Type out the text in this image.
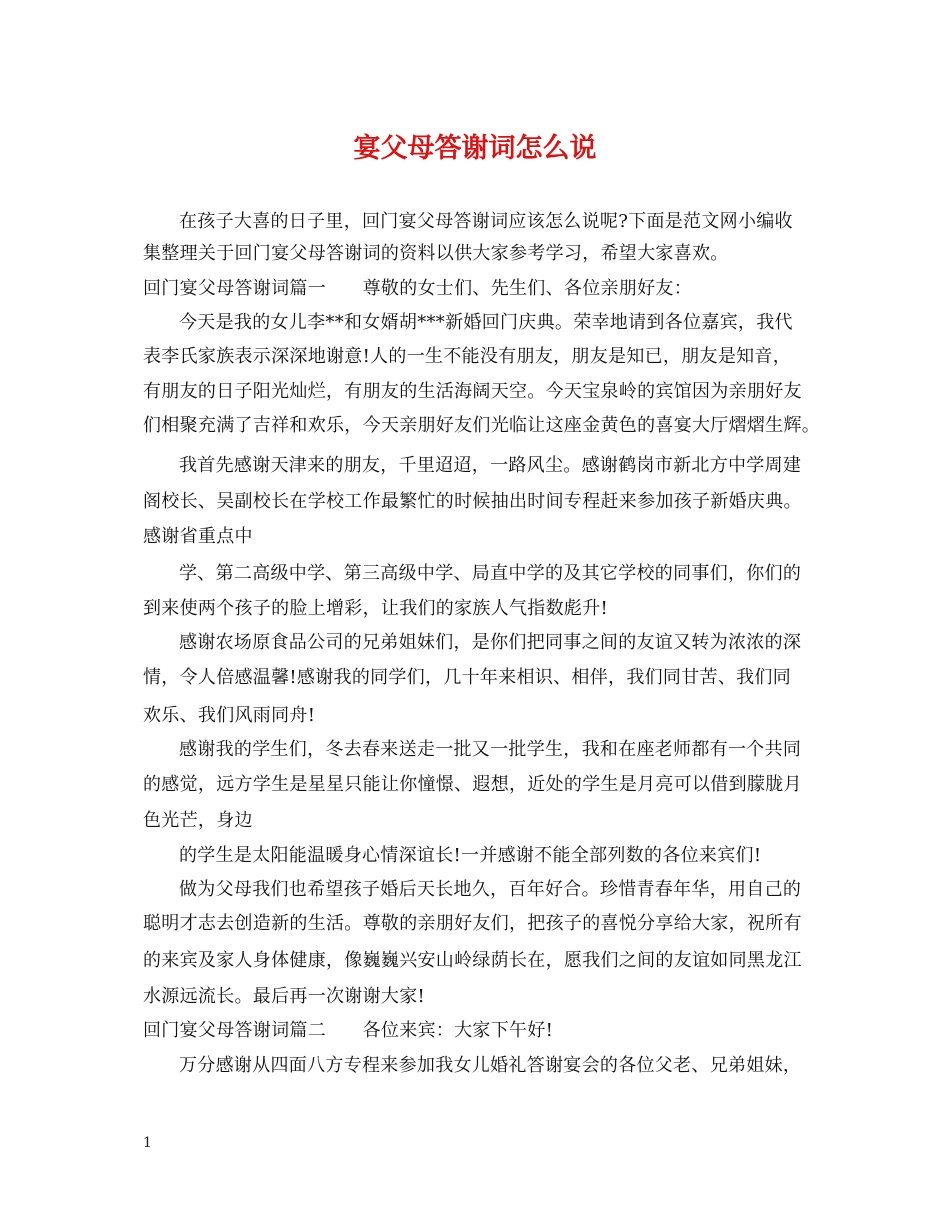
宴父母答谢词怎么说
在孩子大喜的日子里，回门宴父母答谢词应该怎么说呢?下面是范文网小编收
集整理关于回门宴父母答谢词的资料以供大家参考学习，希望大家喜欢。
回门宴父母答谢词篇一　　尊敬的女士们、先生们、各位亲朋好友：
今天是我的女儿李**和女婿胡***新婚回门庆典。荣幸地请到各位嘉宾，我代
表李氏家族表示深深地谢意!人的一生不能没有朋友，朋友是知已，朋友是知音，
有朋友的日子阳光灿烂，有朋友的生活海阔天空。今天宝泉岭的宾馆因为亲朋好友
们相聚充满了吉祥和欢乐，今天亲朋好友们光临让这座金黄色的喜宴大厅熠熠生辉。
我首先感谢天津来的朋友，千里迢迢，一路风尘。感谢鹤岗市新北方中学周建
阁校长、吴副校长在学校工作最繁忙的时候抽出时间专程赶来参加孩子新婚庆典。
感谢省重点中
学、第二高级中学、第三高级中学、局直中学的及其它学校的同事们，你们的
到来使两个孩子的脸上增彩，让我们的家族人气指数彪升!
感谢农场原食品公司的兄弟姐妹们，是你们把同事之间的友谊又转为浓浓的深
情，令人倍感温馨!感谢我的同学们，几十年来相识、相伴，我们同甘苦、我们同
欢乐、我们风雨同舟!
感谢我的学生们，冬去春来送走一批又一批学生，我和在座老师都有一个共同
的感觉，远方学生是星星只能让你憧憬、遐想，近处的学生是月亮可以借到朦胧月
色光芒，身边
的学生是太阳能温暖身心情深谊长!一并感谢不能全部列数的各位来宾们!
做为父母我们也希望孩子婚后天长地久，百年好合。珍惜青春年华，用自己的
聪明才志去创造新的生活。尊敬的亲朋好友们，把孩子的喜悦分享给大家，祝所有
的来宾及家人身体健康，像巍巍兴安山岭绿荫长在，愿我们之间的友谊如同黑龙江
水源远流长。最后再一次谢谢大家!
回门宴父母答谢词篇二　　各位来宾：大家下午好!
万分感谢从四面八方专程来参加我女儿婚礼答谢宴会的各位父老、兄弟姐妹，
1
